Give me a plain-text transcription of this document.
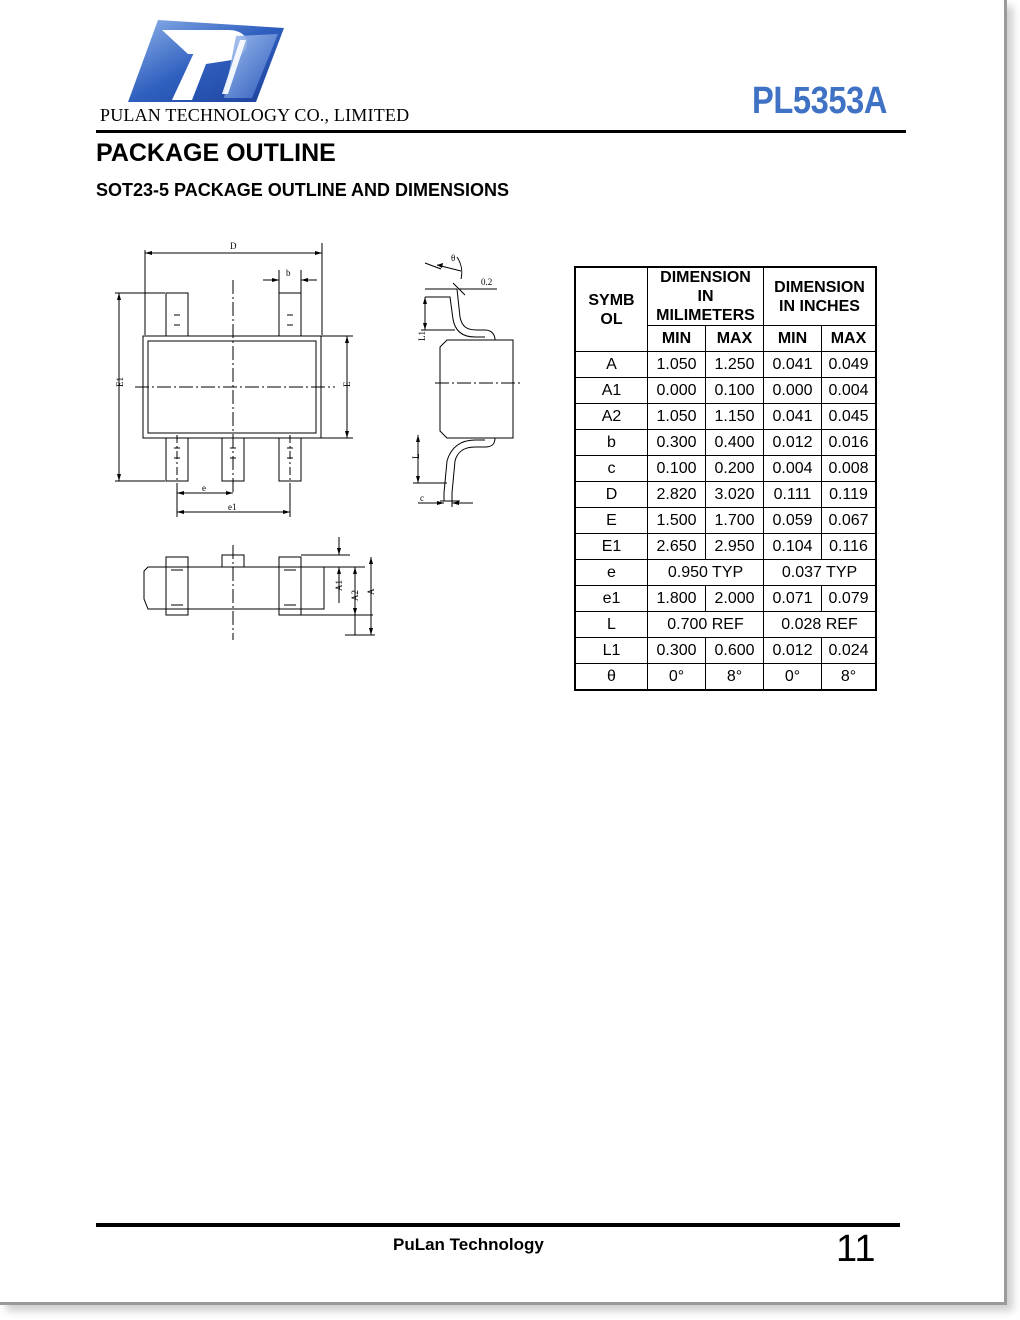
PULAN TECHNOLOGY CO., LIMITED	PL5353A
PACKAGE OUTLINE
SOT23-5 PACKAGE OUTLINE AND DIMENSIONS
D
b
E1	E
e
e1
θ
0.2
L1
L
c
A1
A2 A
SYMB
OL	DIMENSION
IN
MILIMETERS		DIMENSION
IN INCHES	
	MIN	MAX	MIN	MAX
A	1.050	1.250	0.041	0.049
A1	0.000	0.100	0.000	0.004
A2	1.050	1.150	0.041	0.045
b	0.300	0.400	0.012	0.016
c	0.100	0.200	0.004	0.008
D	2.820	3.020	0.111	0.119
E	1.500	1.700	0.059	0.067
E1	2.650	2.950	0.104	0.116
e	0.950 TYP		0.037 TYP	
e1	1.800	2.000	0.071	0.079
L	0.700 REF		0.028 REF	
L1	0.300	0.600	0.012	0.024
θ	0°	8°	0°	8°
PuLan Technology	11
